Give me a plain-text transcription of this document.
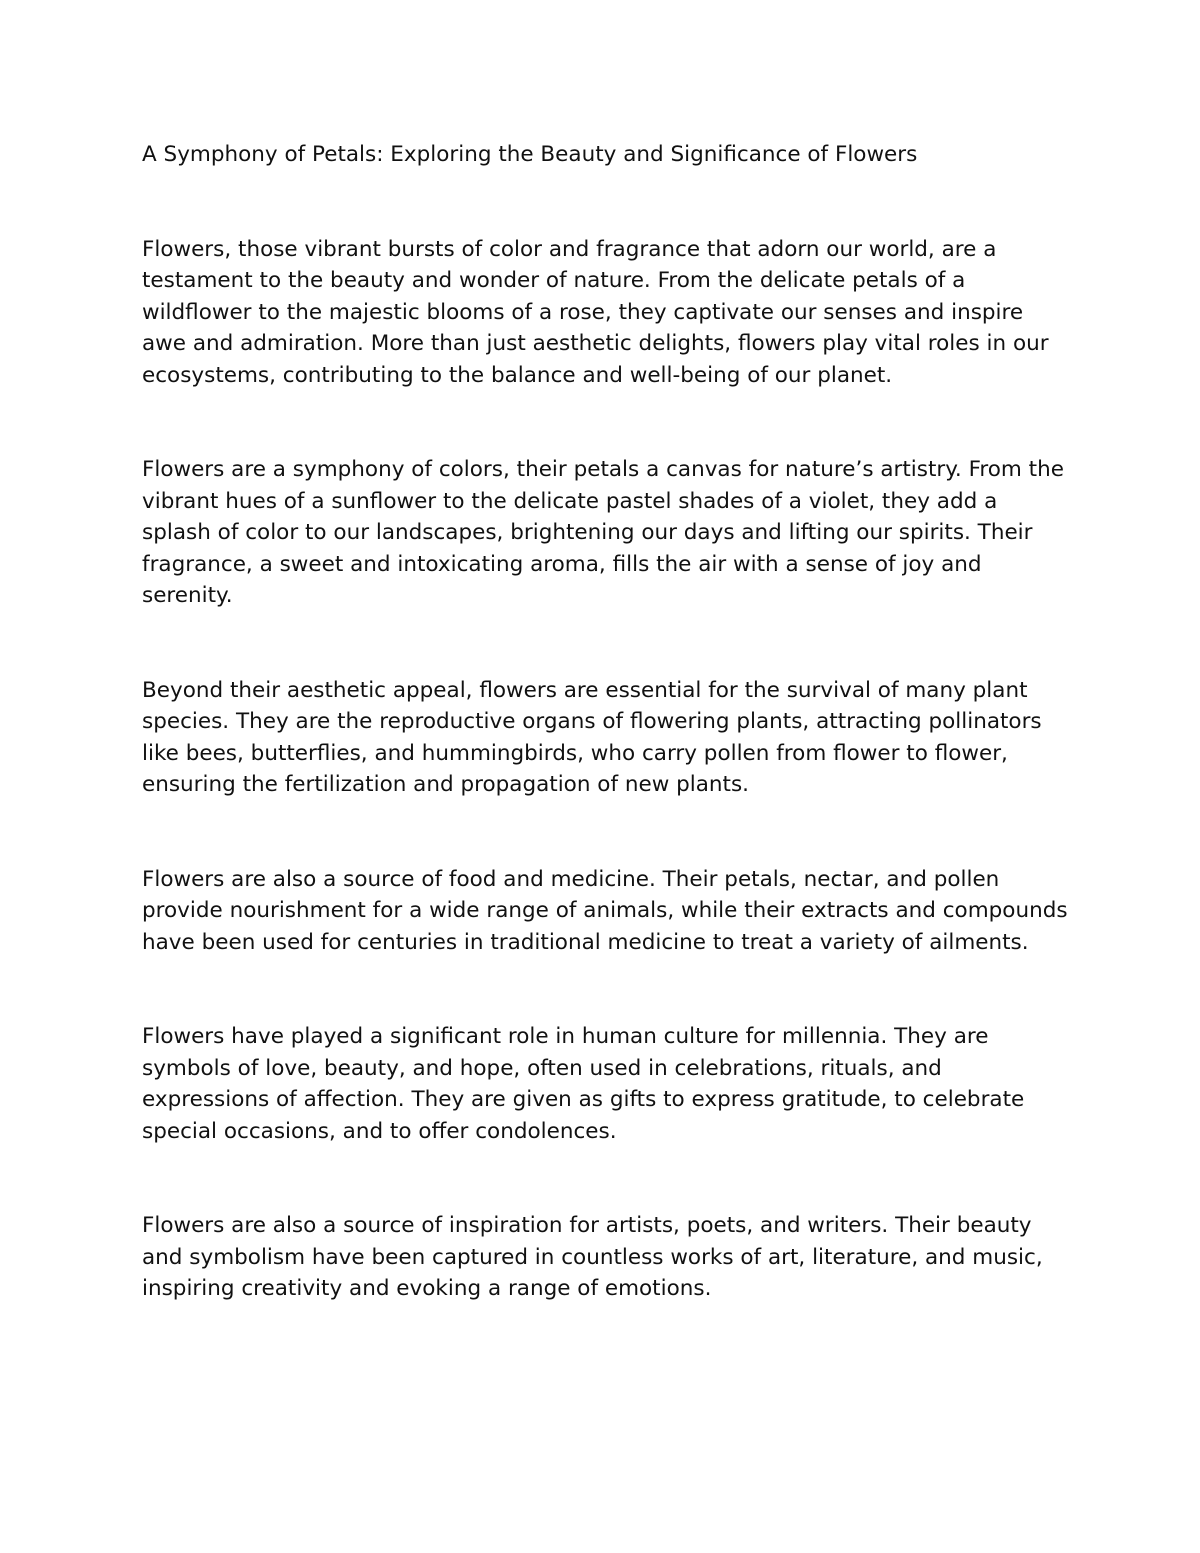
A Symphony of Petals: Exploring the Beauty and Significance of Flowers

Flowers, those vibrant bursts of color and fragrance that adorn our world, are a testament to the beauty and wonder of nature. From the delicate petals of a wildflower to the majestic blooms of a rose, they captivate our senses and inspire awe and admiration. More than just aesthetic delights, flowers play vital roles in our ecosystems, contributing to the balance and well-being of our planet.

Flowers are a symphony of colors, their petals a canvas for nature’s artistry. From the vibrant hues of a sunflower to the delicate pastel shades of a violet, they add a splash of color to our landscapes, brightening our days and lifting our spirits. Their fragrance, a sweet and intoxicating aroma, fills the air with a sense of joy and serenity.

Beyond their aesthetic appeal, flowers are essential for the survival of many plant species. They are the reproductive organs of flowering plants, attracting pollinators like bees, butterflies, and hummingbirds, who carry pollen from flower to flower, ensuring the fertilization and propagation of new plants.

Flowers are also a source of food and medicine. Their petals, nectar, and pollen provide nourishment for a wide range of animals, while their extracts and compounds have been used for centuries in traditional medicine to treat a variety of ailments.

Flowers have played a significant role in human culture for millennia. They are symbols of love, beauty, and hope, often used in celebrations, rituals, and expressions of affection. They are given as gifts to express gratitude, to celebrate special occasions, and to offer condolences.

Flowers are also a source of inspiration for artists, poets, and writers. Their beauty and symbolism have been captured in countless works of art, literature, and music, inspiring creativity and evoking a range of emotions.
